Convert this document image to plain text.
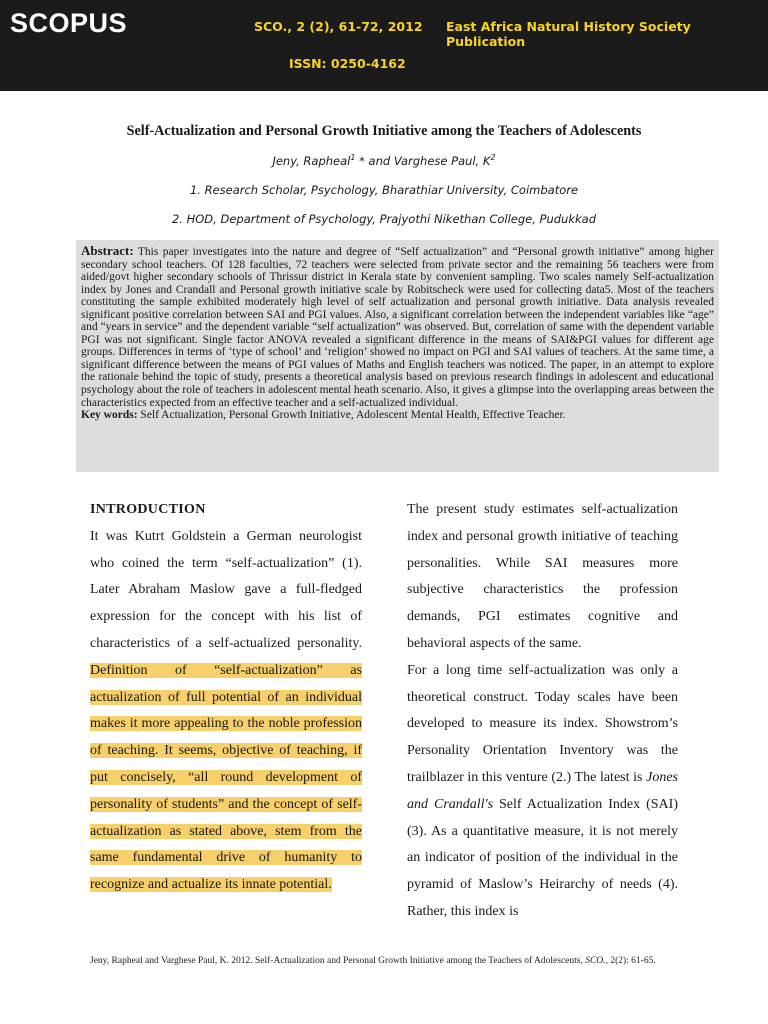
SCOPUS	SCO., 2 (2), 61-72, 2012 East Africa Natural History Society Publication
ISSN: 0250-4162
Self-Actualization and Personal Growth Initiative among the Teachers of Adolescents
Jeny, Rapheal$^1$ * and Varghese Paul, $K^2$
1. Research Scholar, Psychology, Bharathiar University, Coimbatore
2. HOD, Department of Psychology, Prajyothi Nikethan College, Pudukkad

Abstract: This paper investigates into the nature and degree of “Self actualization” and “Personal growth initiative” among higher secondary school teachers. Of 128 faculties, 72 teachers were selected from private sector and the remaining 56 teachers were from aided/govt higher secondary schools of Thrissur district in Kerala state by convenient sampling. Two scales namely Self-actualization index by Jones and Crandall and Personal growth initiative scale by Robitscheck were used for collecting data5. Most of the teachers constituting the sample exhibited moderately high level of self actualization and personal growth initiative. Data analysis revealed significant positive correlation between SAI and PGI values. Also, a significant correlation between the independent variables like “age” and “years in service” and the dependent variable “self actualization” was observed. But, correlation of same with the dependent variable PGI was not significant. Single factor ANOVA revealed a significant difference in the means of SAI&PGI values for different age groups. Differences in terms of ‘type of school’ and ‘religion’ showed no impact on PGI and SAI values of teachers. At the same time, a significant difference between the means of PGI values of Maths and English teachers was noticed. The paper, in an attempt to explore the rationale behind the topic of study, presents a theoretical analysis based on previous research findings in adolescent and educational psychology about the role of teachers in adolescent mental heath scenario. Also, it gives a glimpse into the overlapping areas between the characteristics expected from an effective teacher and a self-actualized individual.

Key words: Self Actualization, Personal Growth Initiative, Adolescent Mental Health, Effective Teacher.

INTRODUCTION

It was Kutrt Goldstein a German neurologist who coined the term “self-actualization” (1). Later Abraham Maslow gave a full-fledged expression for the concept with his list of characteristics of a self-actualized personality. Definition of “self-actualization” as actualization of full potential of an individual makes it more appealing to the noble profession of teaching. It seems, objective of teaching, if put concisely, “all round development of personality of students” and the concept of self-actualization as stated above, stem from the same fundamental drive of humanity to recognize and actualize its innate potential.

The present study estimates self-actualization index and personal growth initiative of teaching personalities. While SAI measures more subjective characteristics the profession demands, PGI estimates cognitive and behavioral aspects of the same.

For a long time self-actualization was only a theoretical construct. Today scales have been developed to measure its index. Showstrom’s Personality Orientation Inventory was the trailblazer in this venture (2.) The latest is Jones and Crandall's Self Actualization Index (SAI) (3). As a quantitative measure, it is not merely an indicator of position of the individual in the pyramid of Maslow’s Heirarchy of needs (4). Rather, this index is

Jeny, Rapheal and Varghese Paul, K. 2012. Self-Actualization and Personal Growth Initiative among the Teachers of Adolescents, SCO., 2(2): 61-65.
